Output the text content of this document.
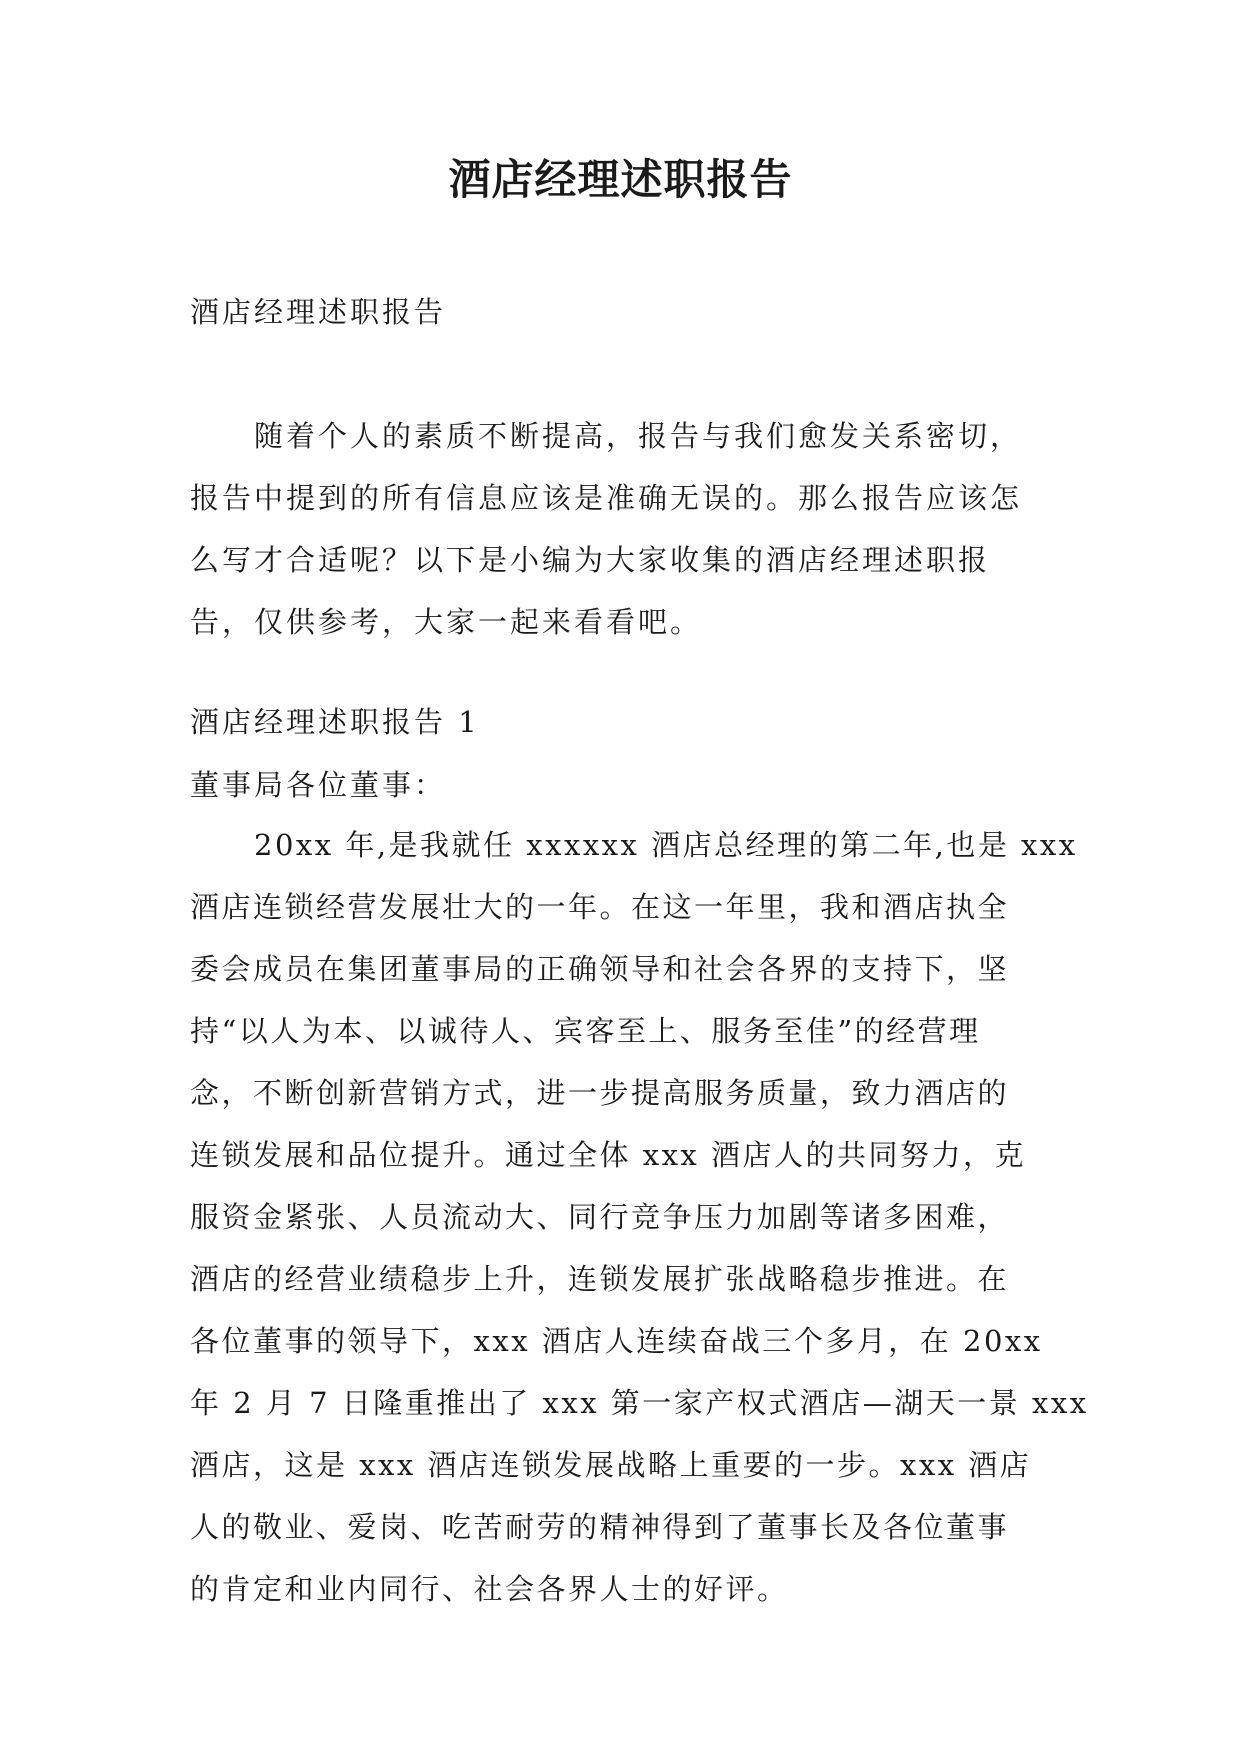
酒店经理述职报告
酒店经理述职报告
随着个人的素质不断提高，报告与我们愈发关系密切，
报告中提到的所有信息应该是准确无误的。那么报告应该怎
么写才合适呢？以下是小编为大家收集的酒店经理述职报
告，仅供参考，大家一起来看看吧。
酒店经理述职报告 1
董事局各位董事：
20xx 年,是我就任 xxxxxx 酒店总经理的第二年,也是 xxx
酒店连锁经营发展壮大的一年。在这一年里，我和酒店执全
委会成员在集团董事局的正确领导和社会各界的支持下，坚
持“以人为本、以诚待人、宾客至上、服务至佳”的经营理
念，不断创新营销方式，进一步提高服务质量，致力酒店的
连锁发展和品位提升。通过全体 xxx 酒店人的共同努力，克
服资金紧张、人员流动大、同行竞争压力加剧等诸多困难，
酒店的经营业绩稳步上升，连锁发展扩张战略稳步推进。在
各位董事的领导下，xxx 酒店人连续奋战三个多月，在 20xx
年 2 月 7 日隆重推出了 xxx 第一家产权式酒店—湖天一景 xxx
酒店，这是 xxx 酒店连锁发展战略上重要的一步。xxx 酒店
人的敬业、爱岗、吃苦耐劳的精神得到了董事长及各位董事
的肯定和业内同行、社会各界人士的好评。
